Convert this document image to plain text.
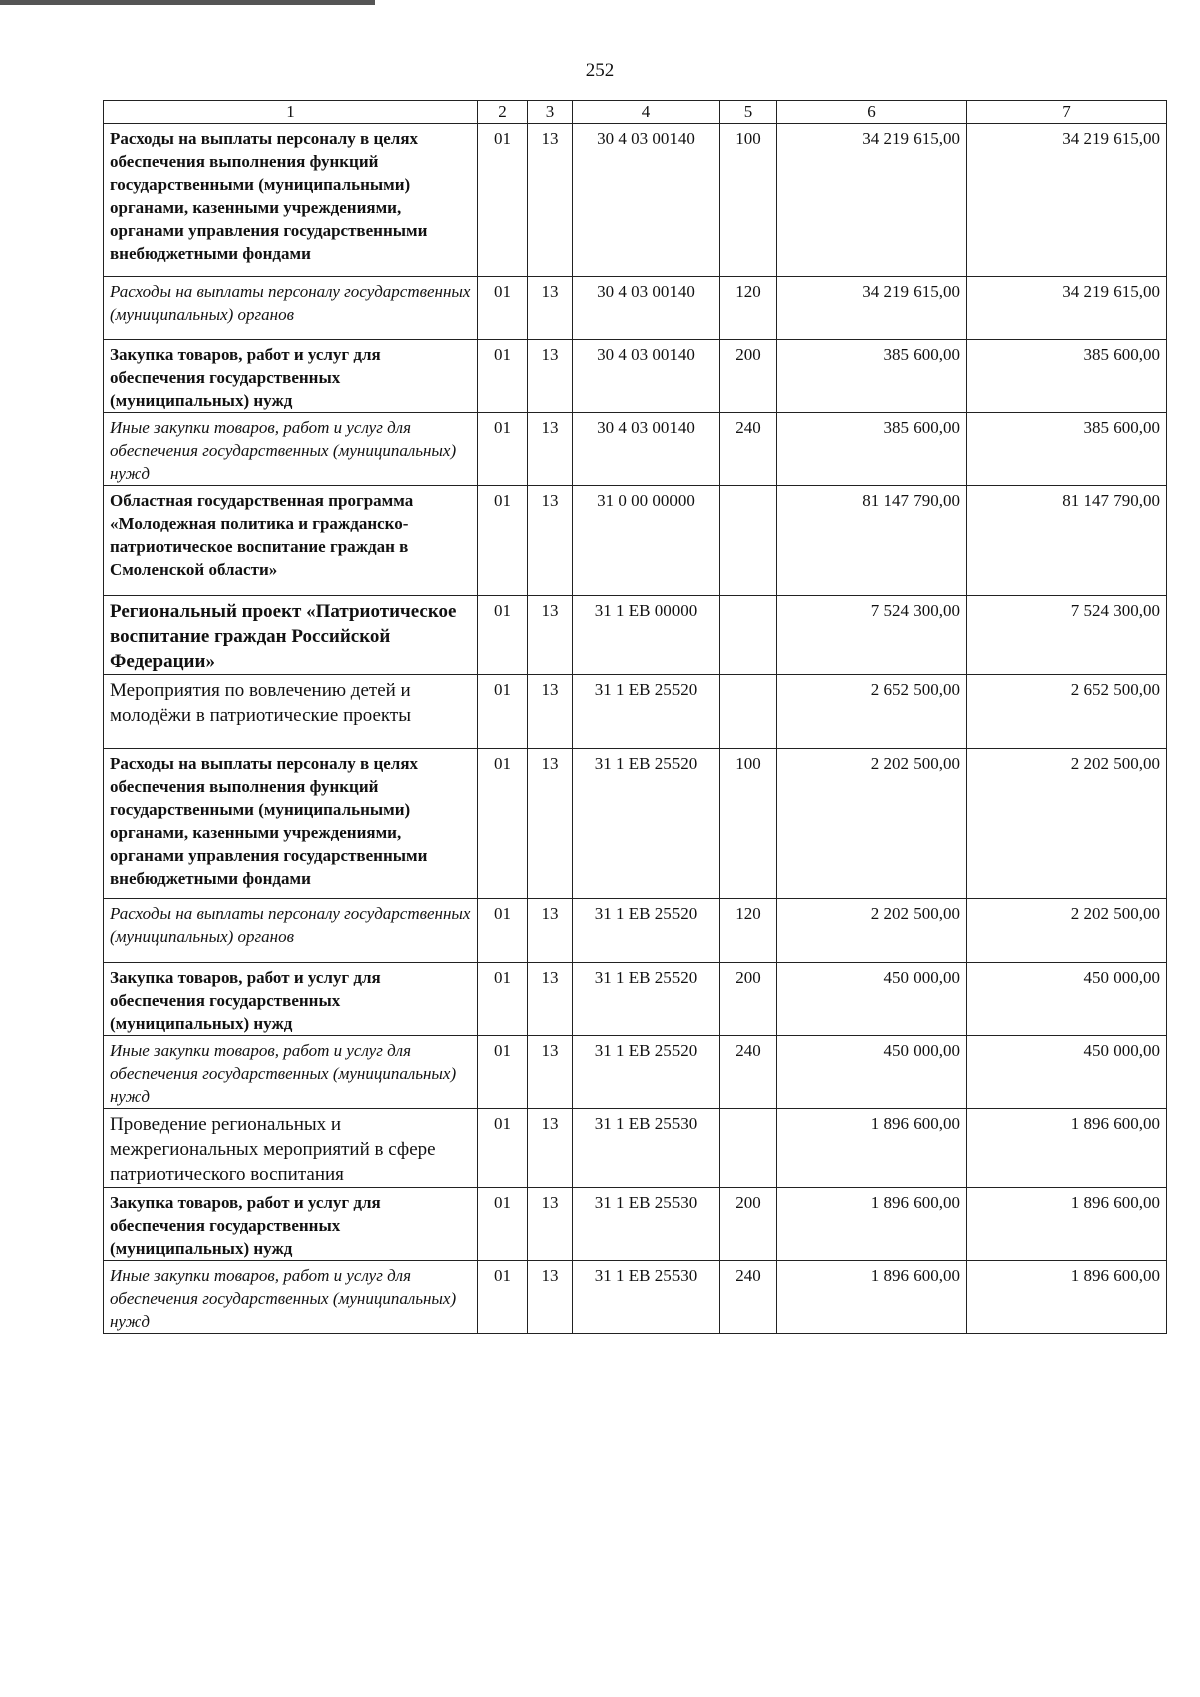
252
1	2	3	4	5	6	7
Расходы на выплаты персоналу в целях обеспечения выполнения функций государственными (муниципальными) органами, казенными учреждениями, органами управления государственными внебюджетными фондами	01	13	30 4 03 00140	100	34 219 615,00	34 219 615,00
Расходы на выплаты персоналу государственных (муниципальных) органов	01	13	30 4 03 00140	120	34 219 615,00	34 219 615,00
Закупка товаров, работ и услуг для обеспечения государственных (муниципальных) нужд	01	13	30 4 03 00140	200	385 600,00	385 600,00
Иные закупки товаров, работ и услуг для обеспечения государственных (муниципальных) нужд	01	13	30 4 03 00140	240	385 600,00	385 600,00
Областная государственная программа «Молодежная политика и гражданско-патриотическое воспитание граждан в Смоленской области»	01	13	31 0 00 00000		81 147 790,00	81 147 790,00
Региональный проект «Патриотическое воспитание граждан Российской Федерации»	01	13	31 1 ЕВ 00000		7 524 300,00	7 524 300,00
Мероприятия по вовлечению детей и молодёжи в патриотические проекты	01	13	31 1 ЕВ 25520		2 652 500,00	2 652 500,00
Расходы на выплаты персоналу в целях обеспечения выполнения функций государственными (муниципальными) органами, казенными учреждениями, органами управления государственными внебюджетными фондами	01	13	31 1 ЕВ 25520	100	2 202 500,00	2 202 500,00
Расходы на выплаты персоналу государственных (муниципальных) органов	01	13	31 1 ЕВ 25520	120	2 202 500,00	2 202 500,00
Закупка товаров, работ и услуг для обеспечения государственных (муниципальных) нужд	01	13	31 1 ЕВ 25520	200	450 000,00	450 000,00
Иные закупки товаров, работ и услуг для обеспечения государственных (муниципальных) нужд	01	13	31 1 ЕВ 25520	240	450 000,00	450 000,00
Проведение региональных и межрегиональных мероприятий в сфере патриотического воспитания	01	13	31 1 ЕВ 25530		1 896 600,00	1 896 600,00
Закупка товаров, работ и услуг для обеспечения государственных (муниципальных) нужд	01	13	31 1 ЕВ 25530	200	1 896 600,00	1 896 600,00
Иные закупки товаров, работ и услуг для обеспечения государственных (муниципальных) нужд	01	13	31 1 ЕВ 25530	240	1 896 600,00	1 896 600,00
